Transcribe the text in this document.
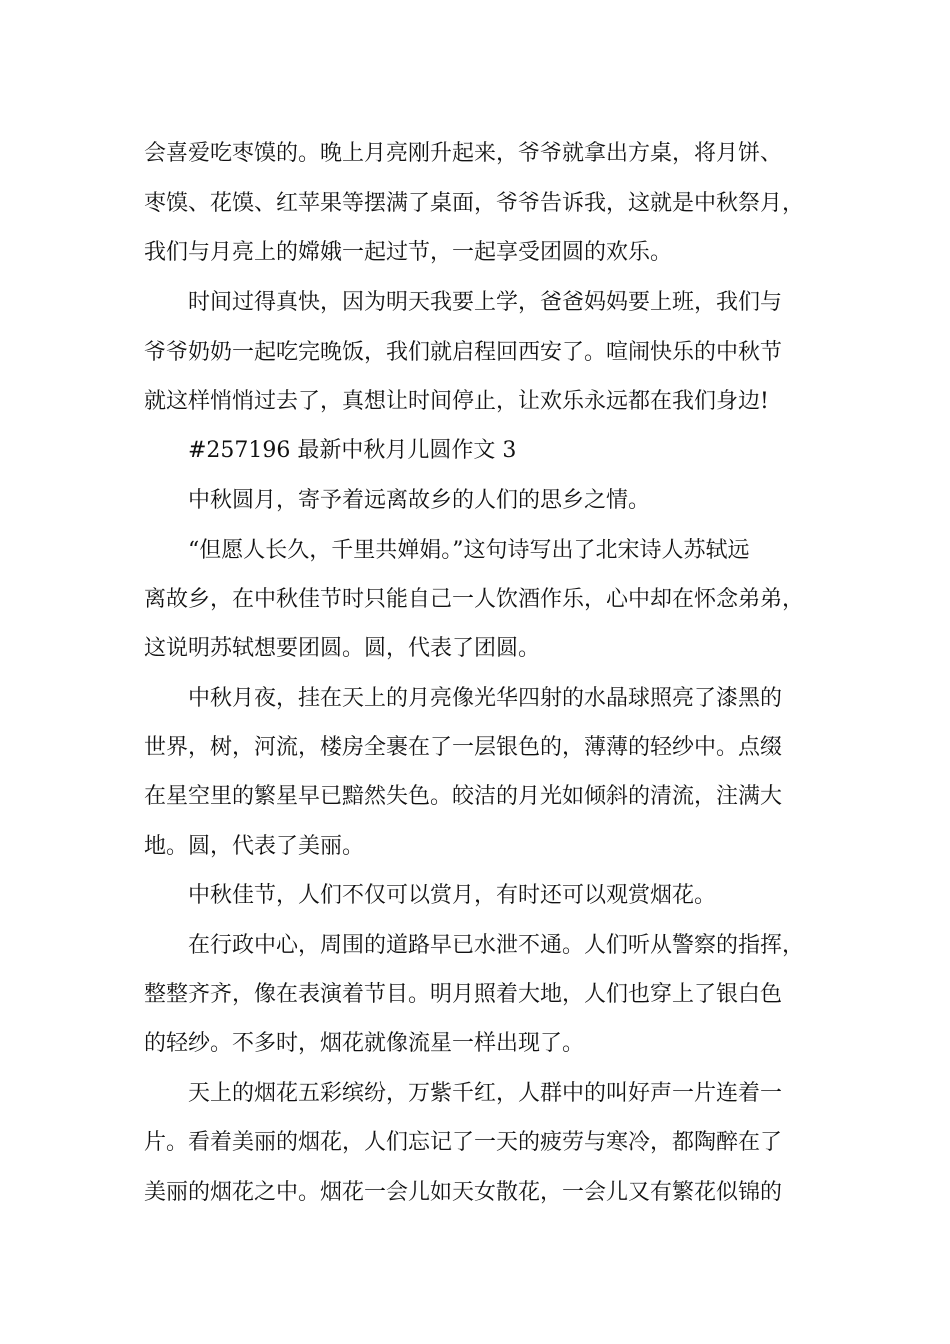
会喜爱吃枣馍的。晚上月亮刚升起来，爷爷就拿出方桌，将月饼、
枣馍、花馍、红苹果等摆满了桌面，爷爷告诉我，这就是中秋祭月，
我们与月亮上的嫦娥一起过节，一起享受团圆的欢乐。
时间过得真快，因为明天我要上学，爸爸妈妈要上班，我们与
爷爷奶奶一起吃完晚饭，我们就启程回西安了。喧闹快乐的中秋节
就这样悄悄过去了，真想让时间停止，让欢乐永远都在我们身边!
#257196 最新中秋月儿圆作文 3
中秋圆月，寄予着远离故乡的人们的思乡之情。
“但愿人长久，千里共婵娟。”这句诗写出了北宋诗人苏轼远
离故乡，在中秋佳节时只能自己一人饮酒作乐，心中却在怀念弟弟，
这说明苏轼想要团圆。圆，代表了团圆。
中秋月夜，挂在天上的月亮像光华四射的水晶球照亮了漆黑的
世界，树，河流，楼房全裹在了一层银色的，薄薄的轻纱中。点缀
在星空里的繁星早已黯然失色。皎洁的月光如倾斜的清流，注满大
地。圆，代表了美丽。
中秋佳节，人们不仅可以赏月，有时还可以观赏烟花。
在行政中心，周围的道路早已水泄不通。人们听从警察的指挥，
整整齐齐，像在表演着节目。明月照着大地，人们也穿上了银白色
的轻纱。不多时，烟花就像流星一样出现了。
天上的烟花五彩缤纷，万紫千红，人群中的叫好声一片连着一
片。看着美丽的烟花，人们忘记了一天的疲劳与寒冷，都陶醉在了
美丽的烟花之中。烟花一会儿如天女散花，一会儿又有繁花似锦的
